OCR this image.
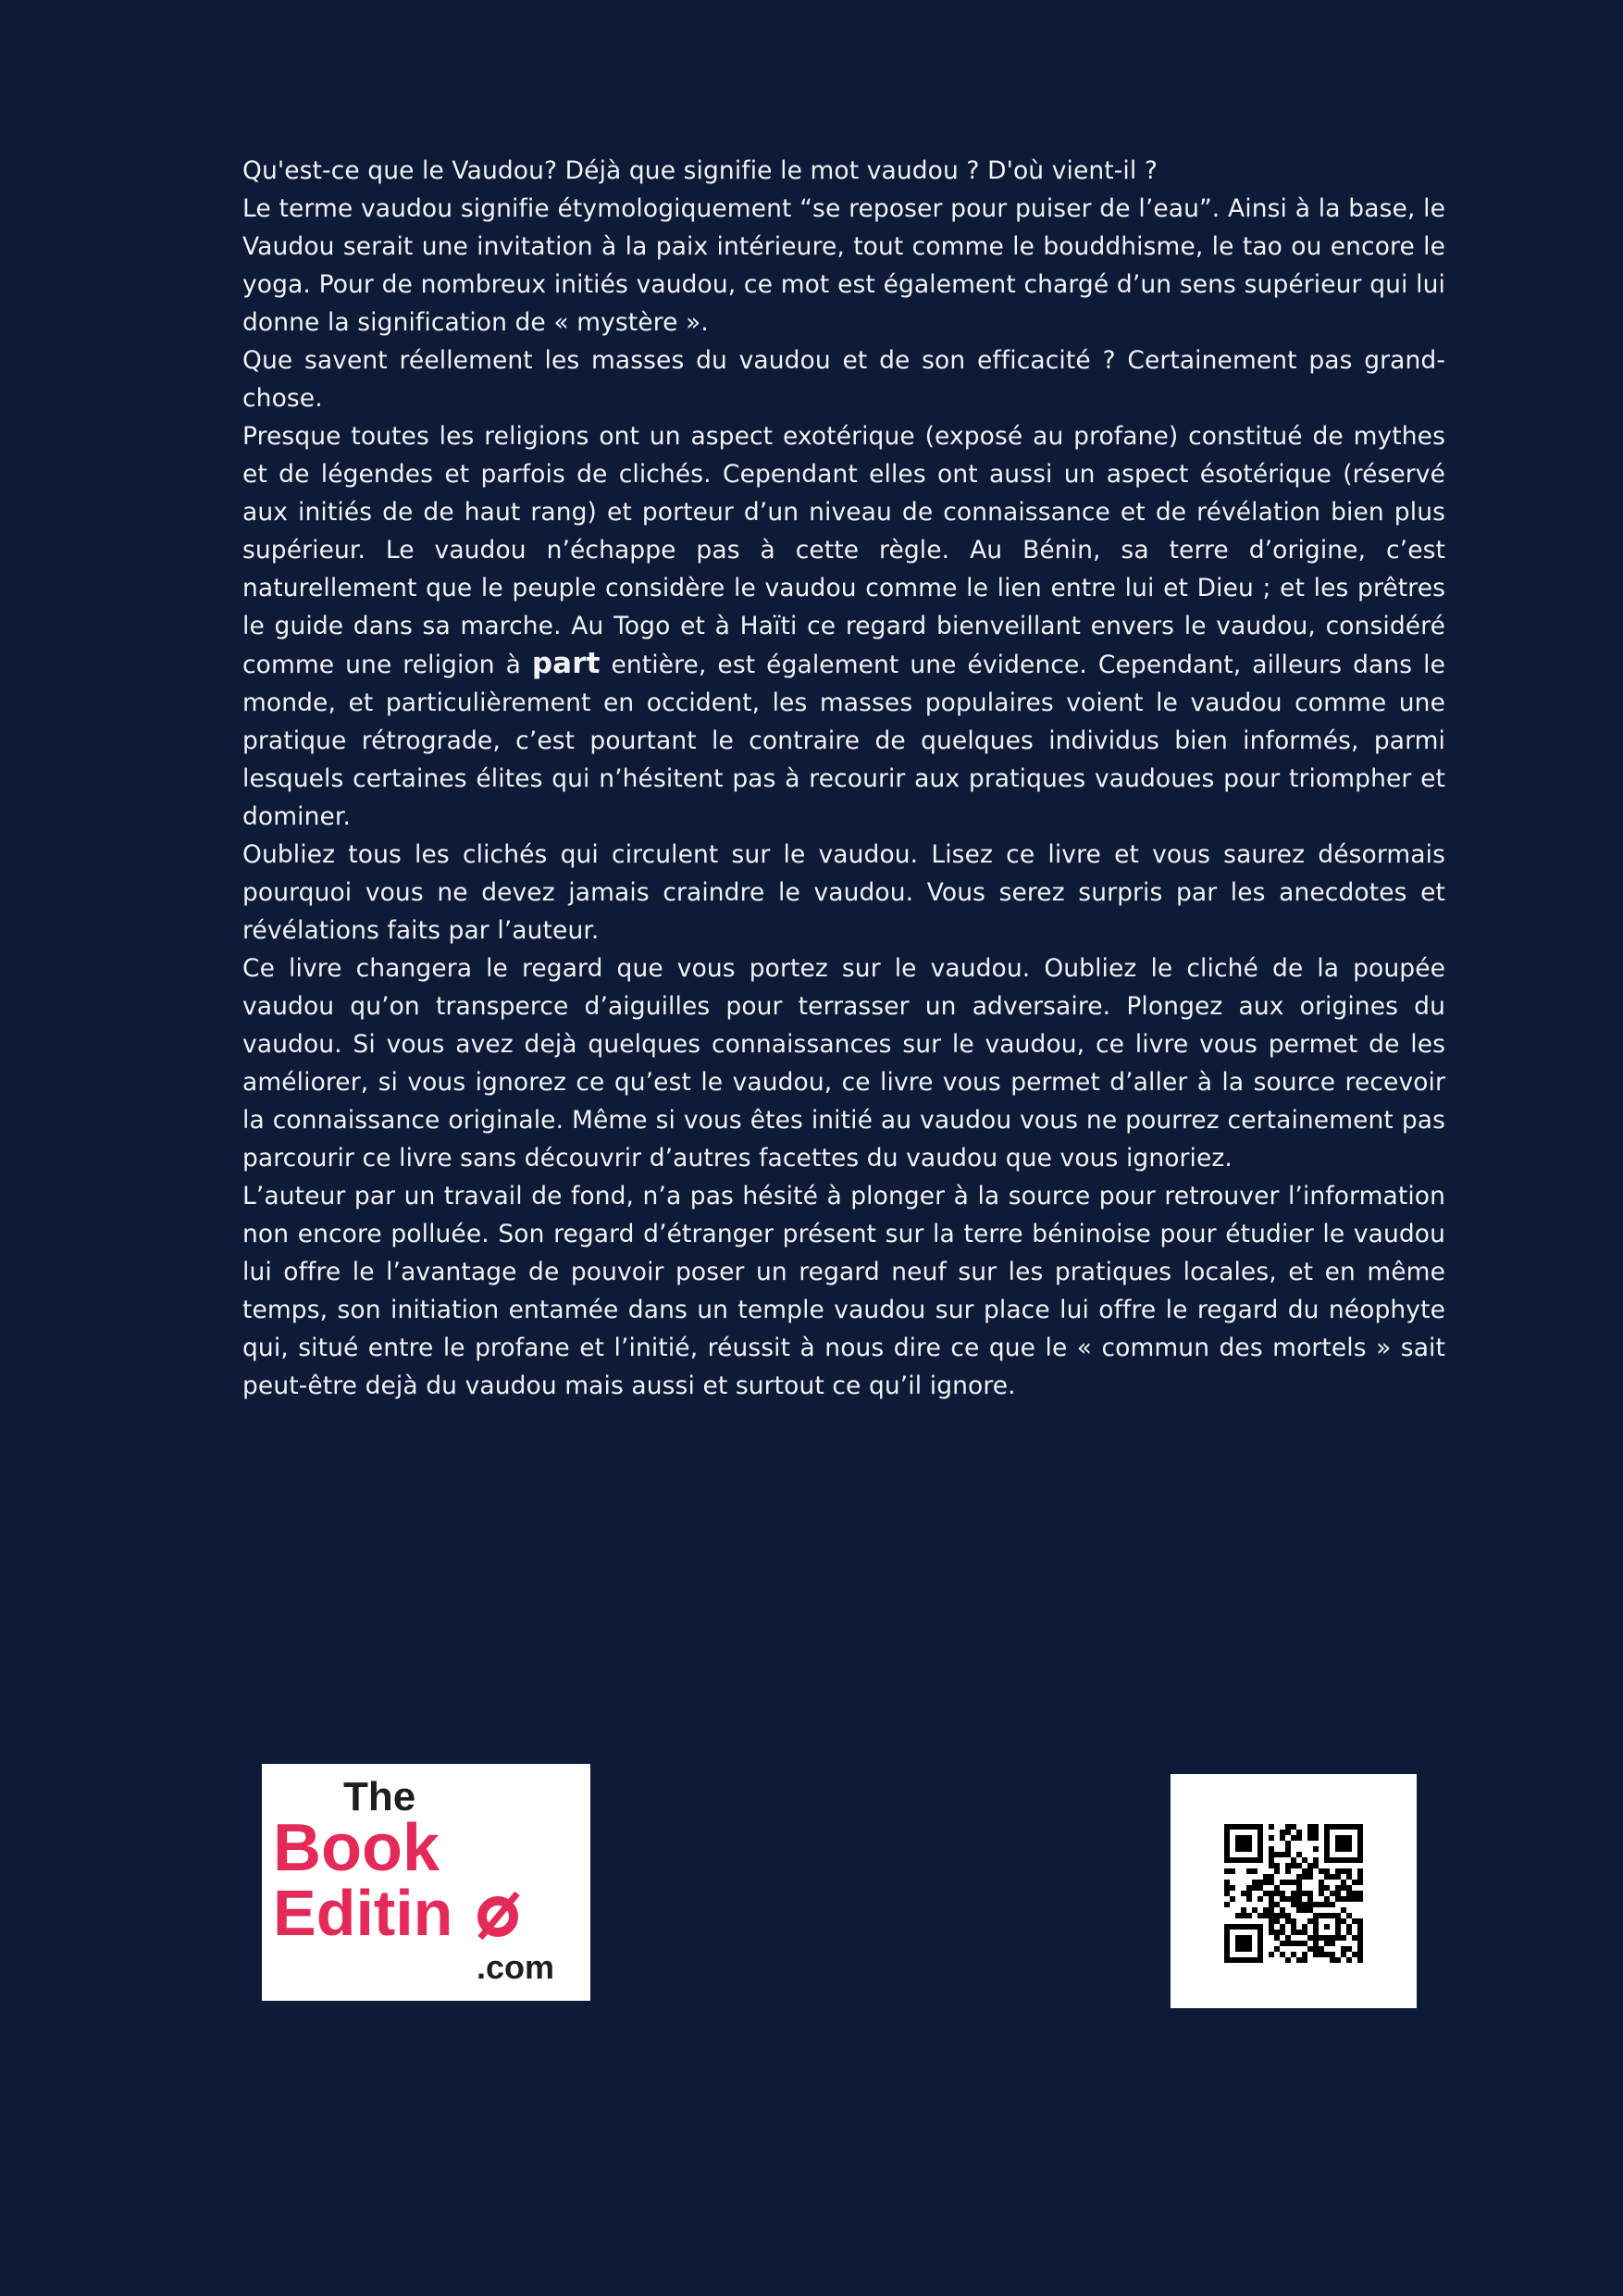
Qu'est-ce que le Vaudou? Déjà que signifie le mot vaudou ? D'où vient-il ?

Le terme vaudou signifie étymologiquement “se reposer pour puiser de l’eau”. Ainsi à la base, le Vaudou serait une invitation à la paix intérieure, tout comme le bouddhisme, le tao ou encore le yoga. Pour de nombreux initiés vaudou, ce mot est également chargé d’un sens supérieur qui lui donne la signification de « mystère ».

Que savent réellement les masses du vaudou et de son efficacité ? Certainement pas grand-chose.

Presque toutes les religions ont un aspect exotérique (exposé au profane) constitué de mythes et de légendes et parfois de clichés. Cependant elles ont aussi un aspect ésotérique (réservé aux initiés de de haut rang) et porteur d’un niveau de connaissance et de révélation bien plus supérieur. Le vaudou n’échappe pas à cette règle. Au Bénin, sa terre d’origine, c’est naturellement que le peuple considère le vaudou comme le lien entre lui et Dieu ; et les prêtres le guide dans sa marche. Au Togo et à Haïti ce regard bienveillant envers le vaudou, considéré comme une religion à part entière, est également une évidence. Cependant, ailleurs dans le monde, et particulièrement en occident, les masses populaires voient le vaudou comme une pratique rétrograde, c’est pourtant le contraire de quelques individus bien informés, parmi lesquels certaines élites qui n’hésitent pas à recourir aux pratiques vaudoues pour triompher et dominer.

Oubliez tous les clichés qui circulent sur le vaudou. Lisez ce livre et vous saurez désormais pourquoi vous ne devez jamais craindre le vaudou. Vous serez surpris par les anecdotes et révélations faits par l’auteur.

Ce livre changera le regard que vous portez sur le vaudou. Oubliez le cliché de la poupée vaudou qu’on transperce d’aiguilles pour terrasser un adversaire. Plongez aux origines du vaudou. Si vous avez dejà quelques connaissances sur le vaudou, ce livre vous permet de les améliorer, si vous ignorez ce qu’est le vaudou, ce livre vous permet d’aller à la source recevoir la connaissance originale. Même si vous êtes initié au vaudou vous ne pourrez certainement pas parcourir ce livre sans découvrir d’autres facettes du vaudou que vous ignoriez.

L’auteur par un travail de fond, n’a pas hésité à plonger à la source pour retrouver l’information non encore polluée. Son regard d’étranger présent sur la terre béninoise pour étudier le vaudou lui offre le l’avantage de pouvoir poser un regard neuf sur les pratiques locales, et en même temps, son initiation entamée dans un temple vaudou sur place lui offre le regard du néophyte qui, situé entre le profane et l’initié, réussit à nous dire ce que le « commun des mortels » sait peut-être dejà du vaudou mais aussi et surtout ce qu’il ignore.

The
Book
Editin
.com
